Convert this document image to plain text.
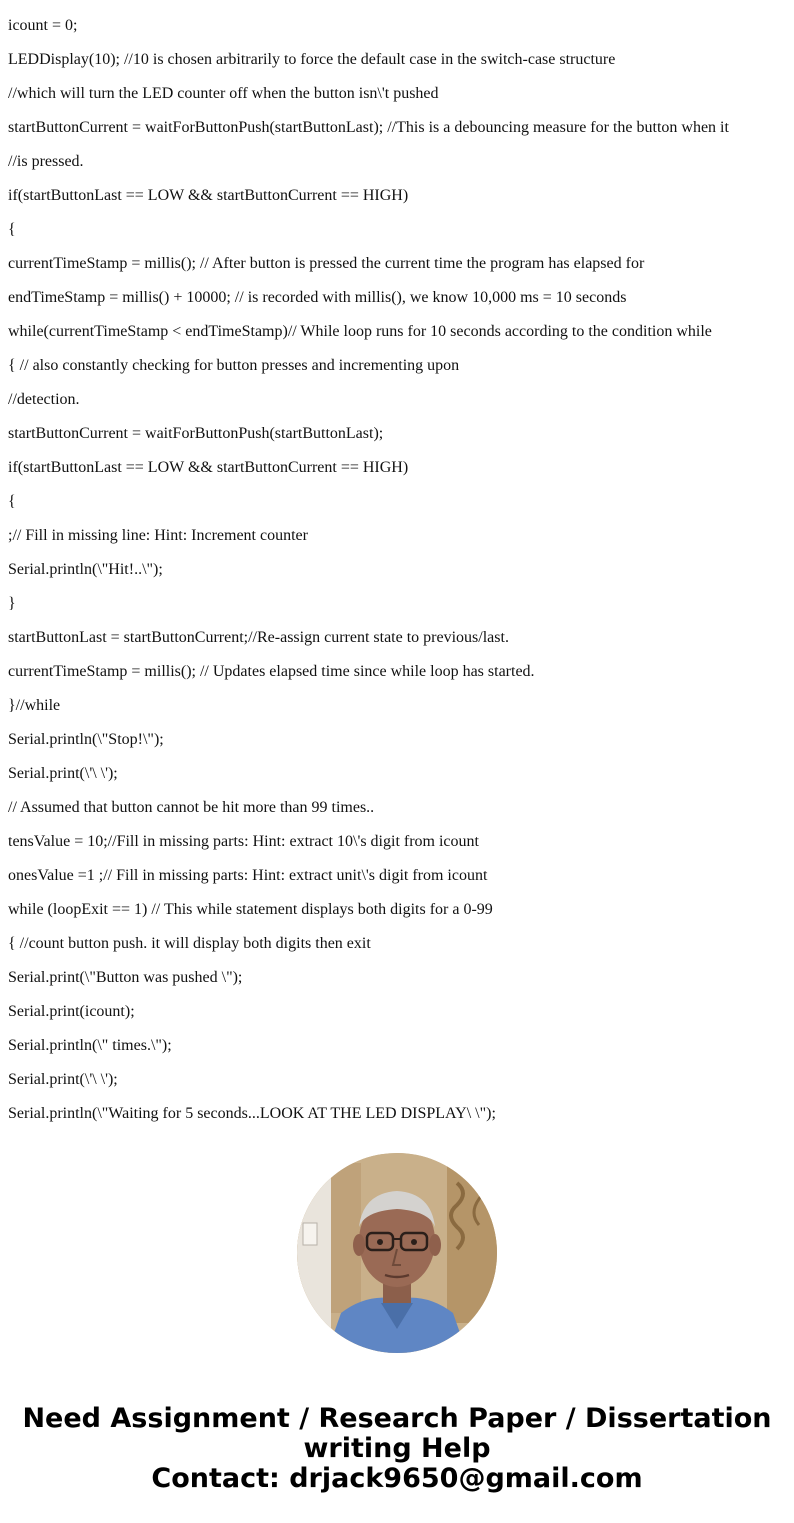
icount = 0;
LEDDisplay(10); //10 is chosen arbitrarily to force the default case in the switch-case structure
//which will turn the LED counter off when the button isn\'t pushed
startButtonCurrent = waitForButtonPush(startButtonLast); //This is a debouncing measure for the button when it
//is pressed.
if(startButtonLast == LOW && startButtonCurrent == HIGH)
{
currentTimeStamp = millis(); // After button is pressed the current time the program has elapsed for
endTimeStamp = millis() + 10000; // is recorded with millis(), we know 10,000 ms = 10 seconds
while(currentTimeStamp < endTimeStamp)// While loop runs for 10 seconds according to the condition while
{ // also constantly checking for button presses and incrementing upon
//detection.
startButtonCurrent = waitForButtonPush(startButtonLast);
if(startButtonLast == LOW && startButtonCurrent == HIGH)
{
;// Fill in missing line: Hint: Increment counter
Serial.println(\"Hit!..\");
}
startButtonLast = startButtonCurrent;//Re-assign current state to previous/last.
currentTimeStamp = millis(); // Updates elapsed time since while loop has started.
}//while
Serial.println(\"Stop!\");
Serial.print(\'\ \');
// Assumed that button cannot be hit more than 99 times..
tensValue = 10;//Fill in missing parts: Hint: extract 10\'s digit from icount
onesValue =1 ;// Fill in missing parts: Hint: extract unit\'s digit from icount
while (loopExit == 1) // This while statement displays both digits for a 0-99
{ //count button push. it will display both digits then exit
Serial.print(\"Button was pushed \");
Serial.print(icount);
Serial.println(\" times.\");
Serial.print(\'\ \');
Serial.println(\"Waiting for 5 seconds...LOOK AT THE LED DISPLAY\ \");
Need Assignment / Research Paper / Dissertation
writing Help
Contact: drjack9650@gmail.com
